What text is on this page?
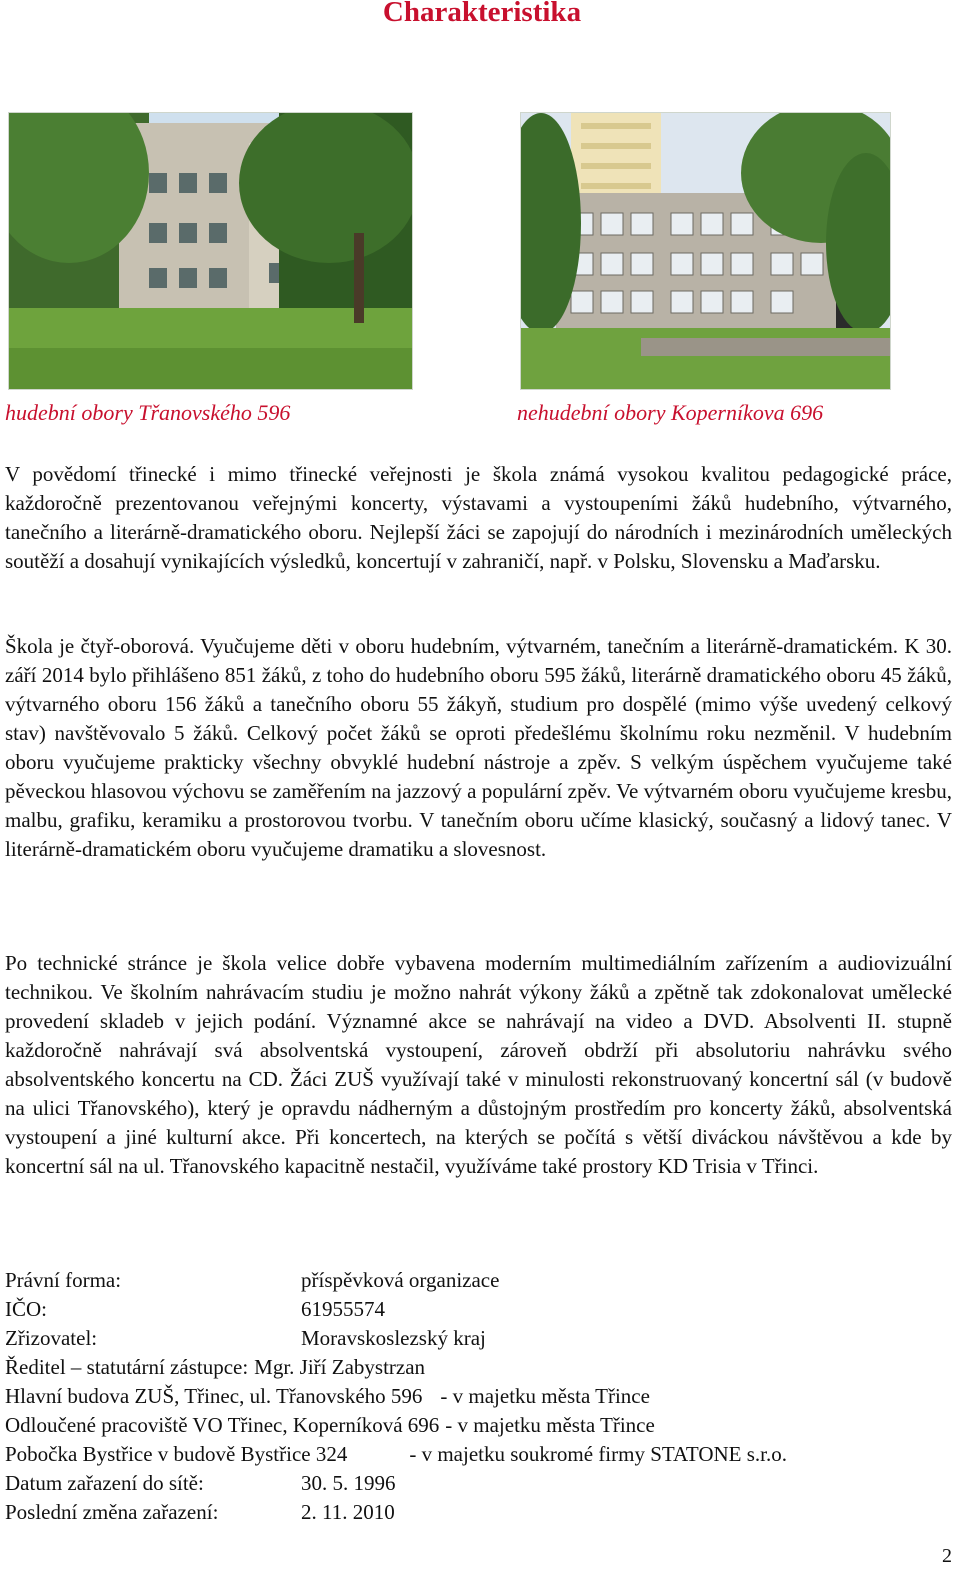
Charakteristika
hudební obory Třanovského 596	nehudební obory Koperníkova 696

V povědomí třinecké i mimo třinecké veřejnosti je škola známá vysokou kvalitou pedagogické práce, každoročně prezentovanou veřejnými koncerty, výstavami a vystoupeními žáků hudebního, výtvarného, tanečního a literárně-dramatického oboru. Nejlepší žáci se zapojují do národních i mezinárodních uměleckých soutěží a dosahují vynikajících výsledků, koncertují v zahraničí, např. v Polsku, Slovensku a Maďarsku.

Škola je čtyř-oborová. Vyučujeme děti v oboru hudebním, výtvarném, tanečním a literárně-dramatickém. K 30. září 2014 bylo přihlášeno 851 žáků, z toho do hudebního oboru 595 žáků, literárně dramatického oboru 45 žáků, výtvarného oboru 156 žáků a tanečního oboru 55 žákyň, studium pro dospělé (mimo výše uvedený celkový stav) navštěvovalo 5 žáků. Celkový počet žáků se oproti předešlému školnímu roku nezměnil. V hudebním oboru vyučujeme prakticky všechny obvyklé hudební nástroje a zpěv. S velkým úspěchem vyučujeme také pěveckou hlasovou výchovu se zaměřením na jazzový a populární zpěv. Ve výtvarném oboru vyučujeme kresbu, malbu, grafiku, keramiku a prostorovou tvorbu. V tanečním oboru učíme klasický, současný a lidový tanec. V literárně-dramatickém oboru vyučujeme dramatiku a slovesnost.

Po technické stránce je škola velice dobře vybavena moderním multimediálním zařízením a audiovizuální technikou. Ve školním nahrávacím studiu je možno nahrát výkony žáků a zpětně tak zdokonalovat umělecké provedení skladeb v jejich podání. Významné akce se nahrávají na video a DVD. Absolventi II. stupně každoročně nahrávají svá absolventská vystoupení, zároveň obdrží při absolutoriu nahrávku svého absolventského koncertu na CD. Žáci ZUŠ využívají také v minulosti rekonstruovaný koncertní sál (v budově na ulici Třanovského), který je opravdu nádherným a důstojným prostředím pro koncerty žáků, absolventská vystoupení a jiné kulturní akce. Při koncertech, na kterých se počítá s větší diváckou návštěvou a kde by koncertní sál na ul. Třanovského kapacitně nestačil, využíváme také prostory KD Trisia v Třinci.

Právní forma:	příspěvková organizace
IČO:	61955574
Zřizovatel:	Moravskoslezský kraj
Ředitel – statutární zástupce: Mgr. Jiří Zabystrzan
Hlavní budova ZUŠ, Třinec, ul. Třanovského 596 - v majetku města Třince
Odloučené pracoviště VO Třinec, Koperníková 696 - v majetku města Třince
Pobočka Bystřice v budově Bystřice 324	- v majetku soukromé firmy STATONE s.r.o.
Datum zařazení do sítě:	30. 5. 1996
Poslední změna zařazení:	2. 11. 2010
2
